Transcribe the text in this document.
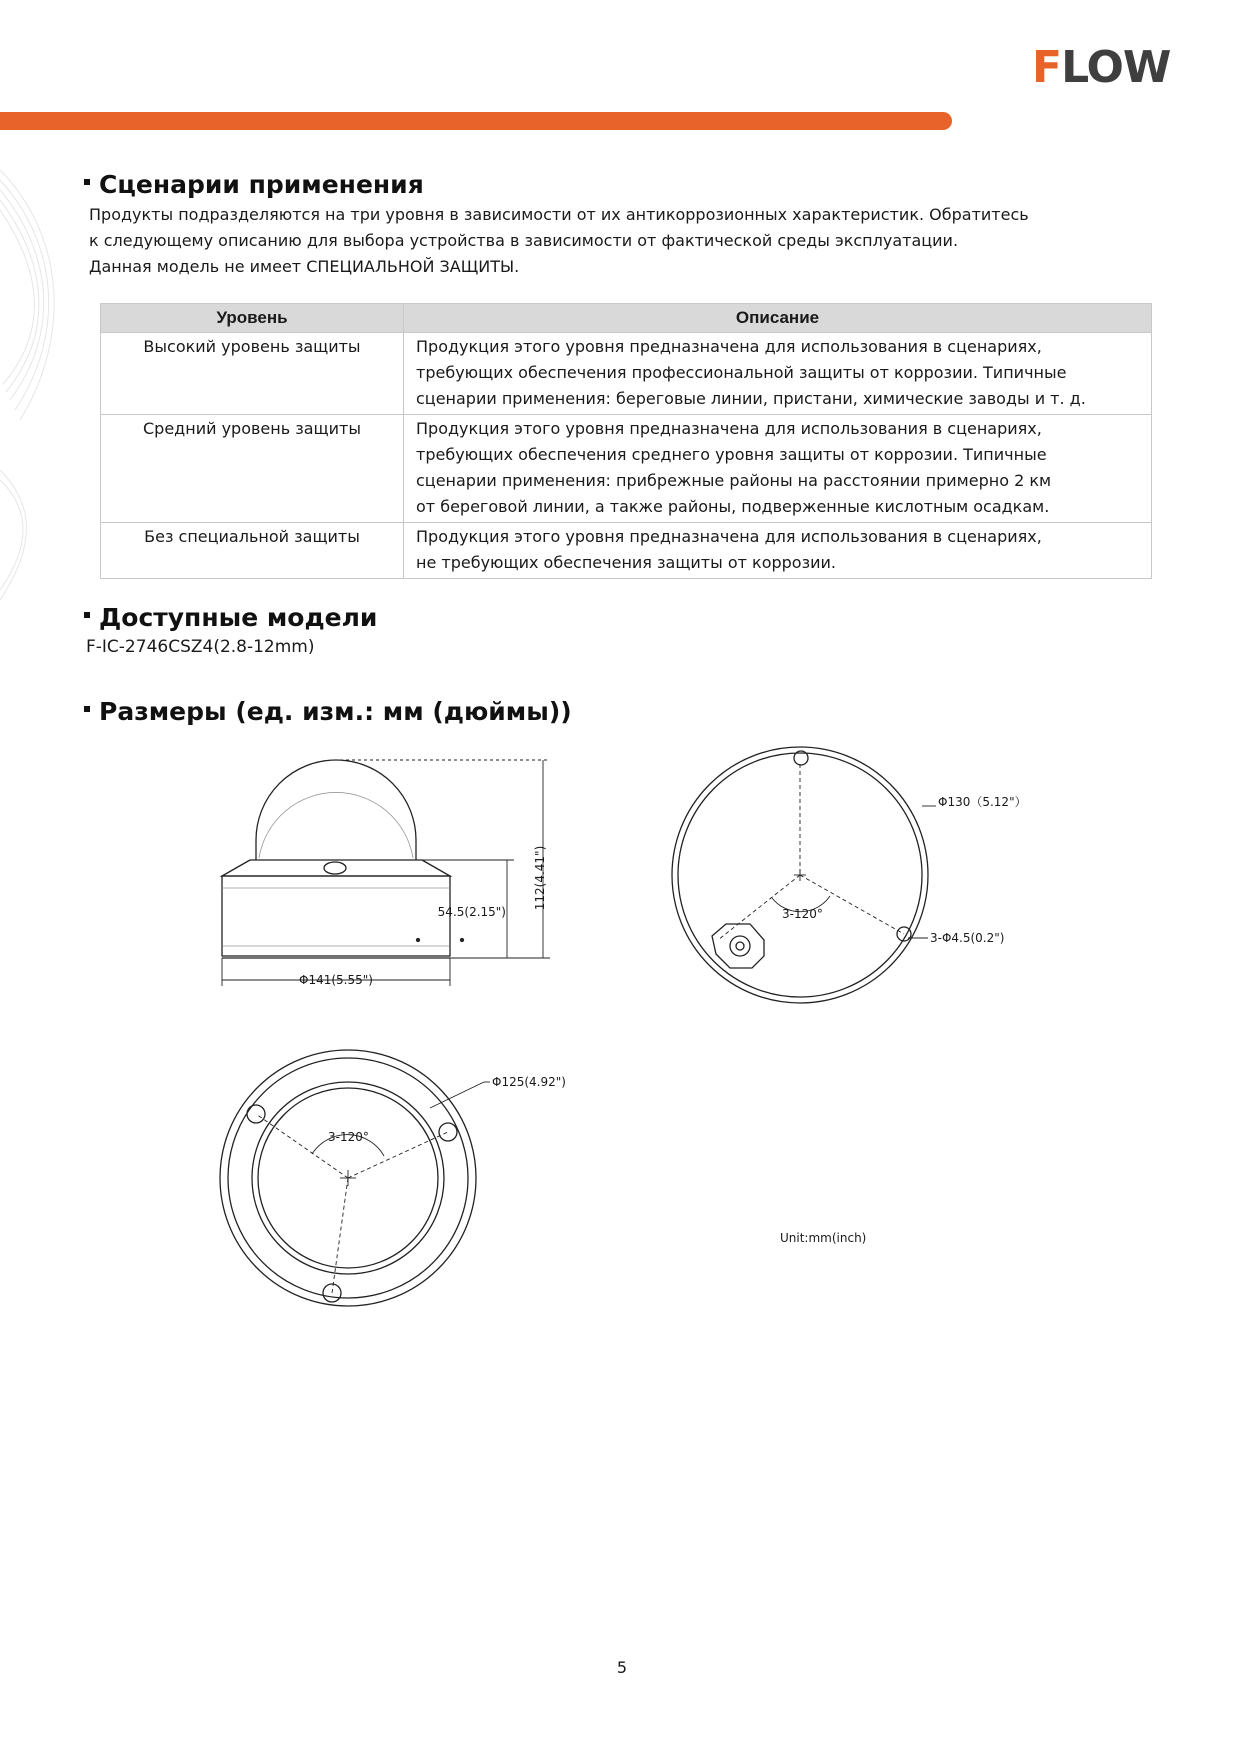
FLOW
Сценарии применения
Продукты подразделяются на три уровня в зависимости от их антикоррозионных характеристик. Обратитесь
к следующему описанию для выбора устройства в зависимости от фактической среды эксплуатации.
Данная модель не имеет СПЕЦИАЛЬНОЙ ЗАЩИТЫ.
Уровень	Описание
Высокий уровень защиты	Продукция этого уровня предназначена для использования в сценариях,
требующих обеспечения профессиональной защиты от коррозии. Типичные
сценарии применения: береговые линии, пристани, химические заводы и т. д.

Средний уровень защиты	Продукция этого уровня предназначена для использования в сценариях,
требующих обеспечения среднего уровня защиты от коррозии. Типичные
сценарии применения: прибрежные районы на расстоянии примерно 2 км
от береговой линии, а также районы, подверженные кислотным осадкам.

Без специальной защиты	Продукция этого уровня предназначена для использования в сценариях,
не требующих обеспечения защиты от коррозии.
Доступные модели
F-IC-2746CSZ4(2.8-12mm)
Размеры (ед. изм.: мм (дюймы))
112(4.41")
54.5(2.15")
Φ141(5.55")
Φ130（5.12"）
3-120°
3-Φ4.5(0.2")
Φ125(4.92")
3-120°
Unit:mm(inch)
5
